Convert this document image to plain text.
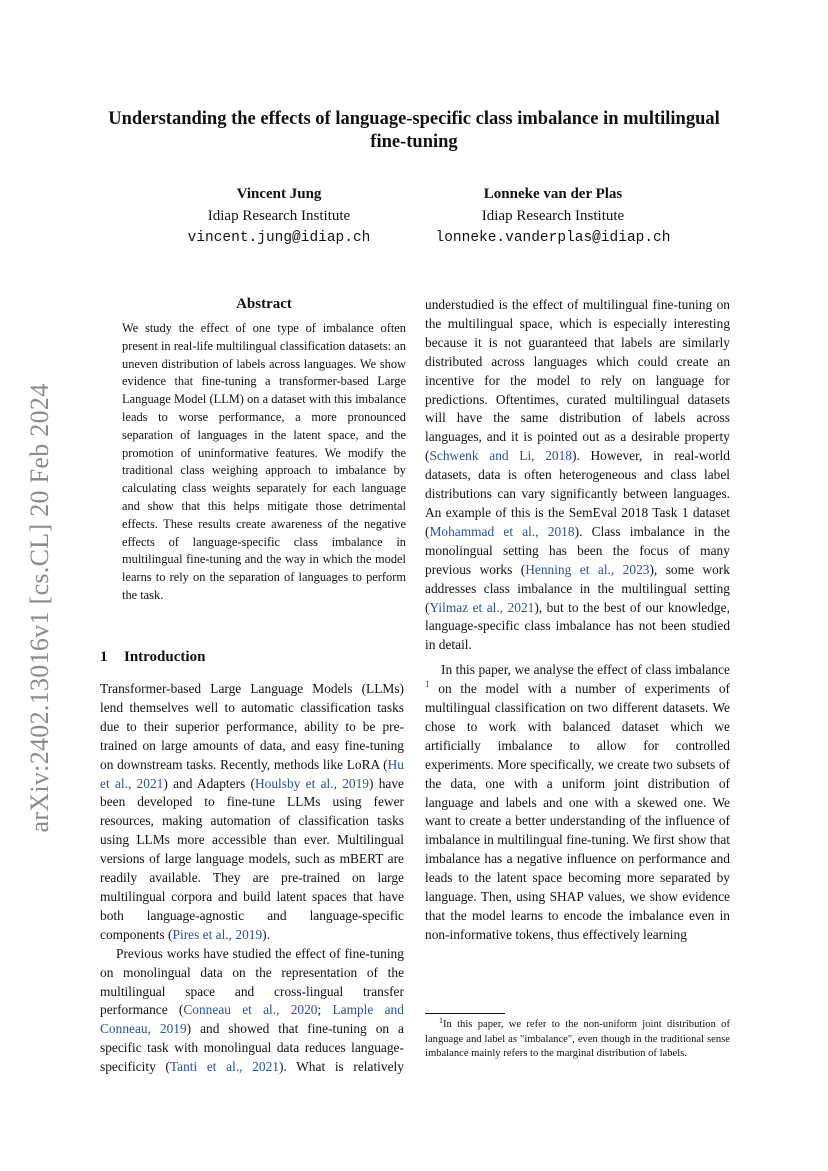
arXiv:2402.13016v1 [cs.CL] 20 Feb 2024
Understanding the effects of language-specific class imbalance in multilingual fine-tuning
Vincent Jung
Idiap Research Institute
vincent.jung@idiap.ch
Lonneke van der Plas
Idiap Research Institute
lonneke.vanderplas@idiap.ch
Abstract
We study the effect of one type of imbalance often present in real-life multilingual classification datasets: an uneven distribution of labels across languages. We show evidence that fine-tuning a transformer-based Large Language Model (LLM) on a dataset with this imbalance leads to worse performance, a more pronounced separation of languages in the latent space, and the promotion of uninformative features. We modify the traditional class weighing approach to imbalance by calculating class weights separately for each language and show that this helps mitigate those detrimental effects. These results create awareness of the negative effects of language-specific class imbalance in multilingual fine-tuning and the way in which the model learns to rely on the separation of languages to perform the task.
1 Introduction

Transformer-based Large Language Models (LLMs) lend themselves well to automatic classification tasks due to their superior performance, ability to be pre-trained on large amounts of data, and easy fine-tuning on downstream tasks. Recently, methods like LoRA (Hu et al., 2021) and Adapters (Houlsby et al., 2019) have been developed to fine-tune LLMs using fewer resources, making automation of classification tasks using LLMs more accessible than ever. Multilingual versions of large language models, such as mBERT are readily available. They are pre-trained on large multilingual corpora and build latent spaces that have both language-agnostic and language-specific components (Pires et al., 2019).

Previous works have studied the effect of fine-tuning on monolingual data on the representation of the multilingual space and cross-lingual transfer performance (Conneau et al., 2020; Lample and Conneau, 2019) and showed that fine-tuning on a specific task with monolingual data reduces language-specificity (Tanti et al., 2021). What is relatively

understudied is the effect of multilingual fine-tuning on the multilingual space, which is especially interesting because it is not guaranteed that labels are similarly distributed across languages which could create an incentive for the model to rely on language for predictions. Oftentimes, curated multilingual datasets will have the same distribution of labels across languages, and it is pointed out as a desirable property (Schwenk and Li, 2018). However, in real-world datasets, data is often heterogeneous and class label distributions can vary significantly between languages. An example of this is the SemEval 2018 Task 1 dataset (Mohammad et al., 2018). Class imbalance in the monolingual setting has been the focus of many previous works (Henning et al., 2023), some work addresses class imbalance in the multilingual setting (Yilmaz et al., 2021), but to the best of our knowledge, language-specific class imbalance has not been studied in detail.

In this paper, we analyse the effect of class imbalance $^1$ on the model with a number of experiments of multilingual classification on two different datasets. We chose to work with balanced dataset which we artificially imbalance to allow for controlled experiments. More specifically, we create two subsets of the data, one with a uniform joint distribution of language and labels and one with a skewed one. We want to create a better understanding of the influence of imbalance in multilingual fine-tuning. We first show that imbalance has a negative influence on performance and leads to the latent space becoming more separated by language. Then, using SHAP values, we show evidence that the model learns to encode the imbalance even in non-informative tokens, thus effectively learning

$^1$In this paper, we refer to the non-uniform joint distribution of language and label as "imbalance", even though in the traditional sense imbalance mainly refers to the marginal distribution of labels.
